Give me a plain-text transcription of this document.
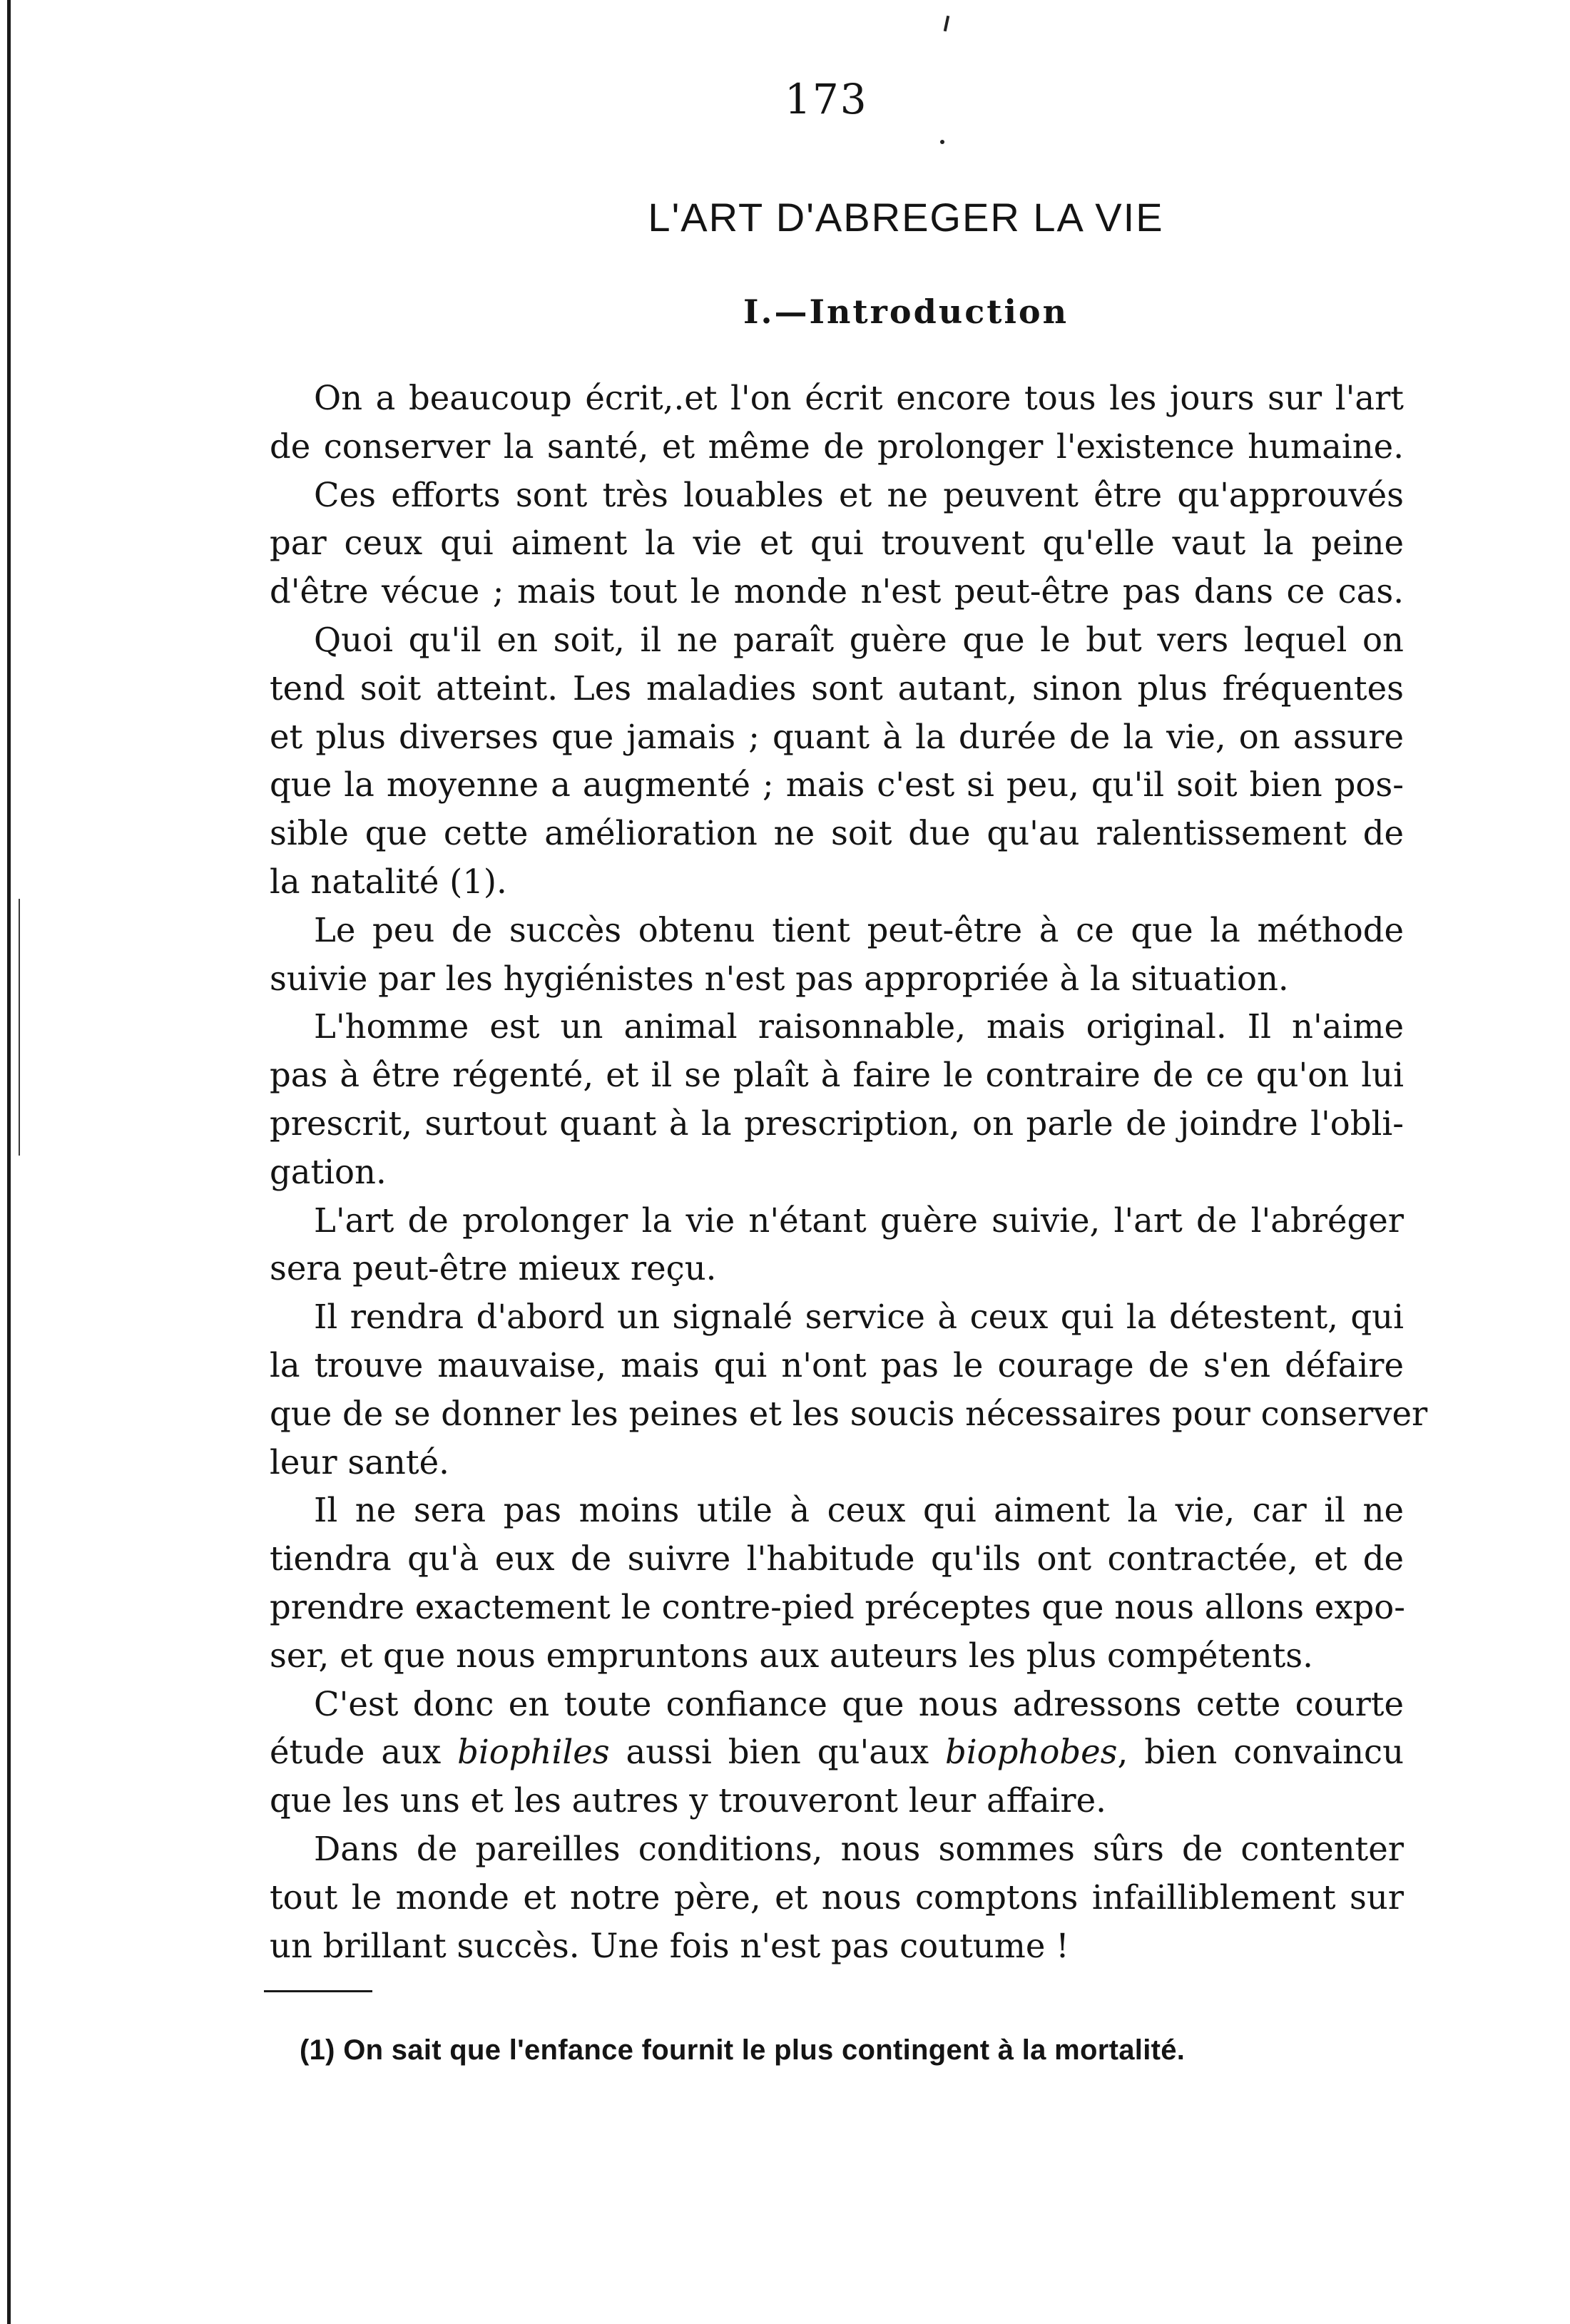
173
L'ART D'ABREGER LA VIE
I.—Introduction
On a beaucoup écrit,.et l'on écrit encore tous les jours sur l'art
de conserver la santé, et même de prolonger l'existence humaine.
Ces efforts sont très louables et ne peuvent être qu'approuvés
par ceux qui aiment la vie et qui trouvent qu'elle vaut la peine
d'être vécue ; mais tout le monde n'est peut-être pas dans ce cas.
Quoi qu'il en soit, il ne paraît guère que le but vers lequel on
tend soit atteint. Les maladies sont autant, sinon plus fréquentes
et plus diverses que jamais ; quant à la durée de la vie, on assure
que la moyenne a augmenté ; mais c'est si peu, qu'il soit bien pos-
sible que cette amélioration ne soit due qu'au ralentissement de
la natalité (1).
Le peu de succès obtenu tient peut-être à ce que la méthode
suivie par les hygiénistes n'est pas appropriée à la situation.
L'homme est un animal raisonnable, mais original. Il n'aime
pas à être régenté, et il se plaît à faire le contraire de ce qu'on lui
prescrit, surtout quant à la prescription, on parle de joindre l'obli-
gation.
L'art de prolonger la vie n'étant guère suivie, l'art de l'abréger
sera peut-être mieux reçu.
Il rendra d'abord un signalé service à ceux qui la détestent, qui
la trouve mauvaise, mais qui n'ont pas le courage de s'en défaire
que de se donner les peines et les soucis nécessaires pour conserver
leur santé.
Il ne sera pas moins utile à ceux qui aiment la vie, car il ne
tiendra qu'à eux de suivre l'habitude qu'ils ont contractée, et de
prendre exactement le contre-pied préceptes que nous allons expo-
ser, et que nous empruntons aux auteurs les plus compétents.
C'est donc en toute confiance que nous adressons cette courte
étude aux biophiles aussi bien qu'aux biophobes, bien convaincu
que les uns et les autres y trouveront leur affaire.
Dans de pareilles conditions, nous sommes sûrs de contenter
tout le monde et notre père, et nous comptons infailliblement sur
un brillant succès. Une fois n'est pas coutume !
(1) On sait que l'enfance fournit le plus contingent à la mortalité.
